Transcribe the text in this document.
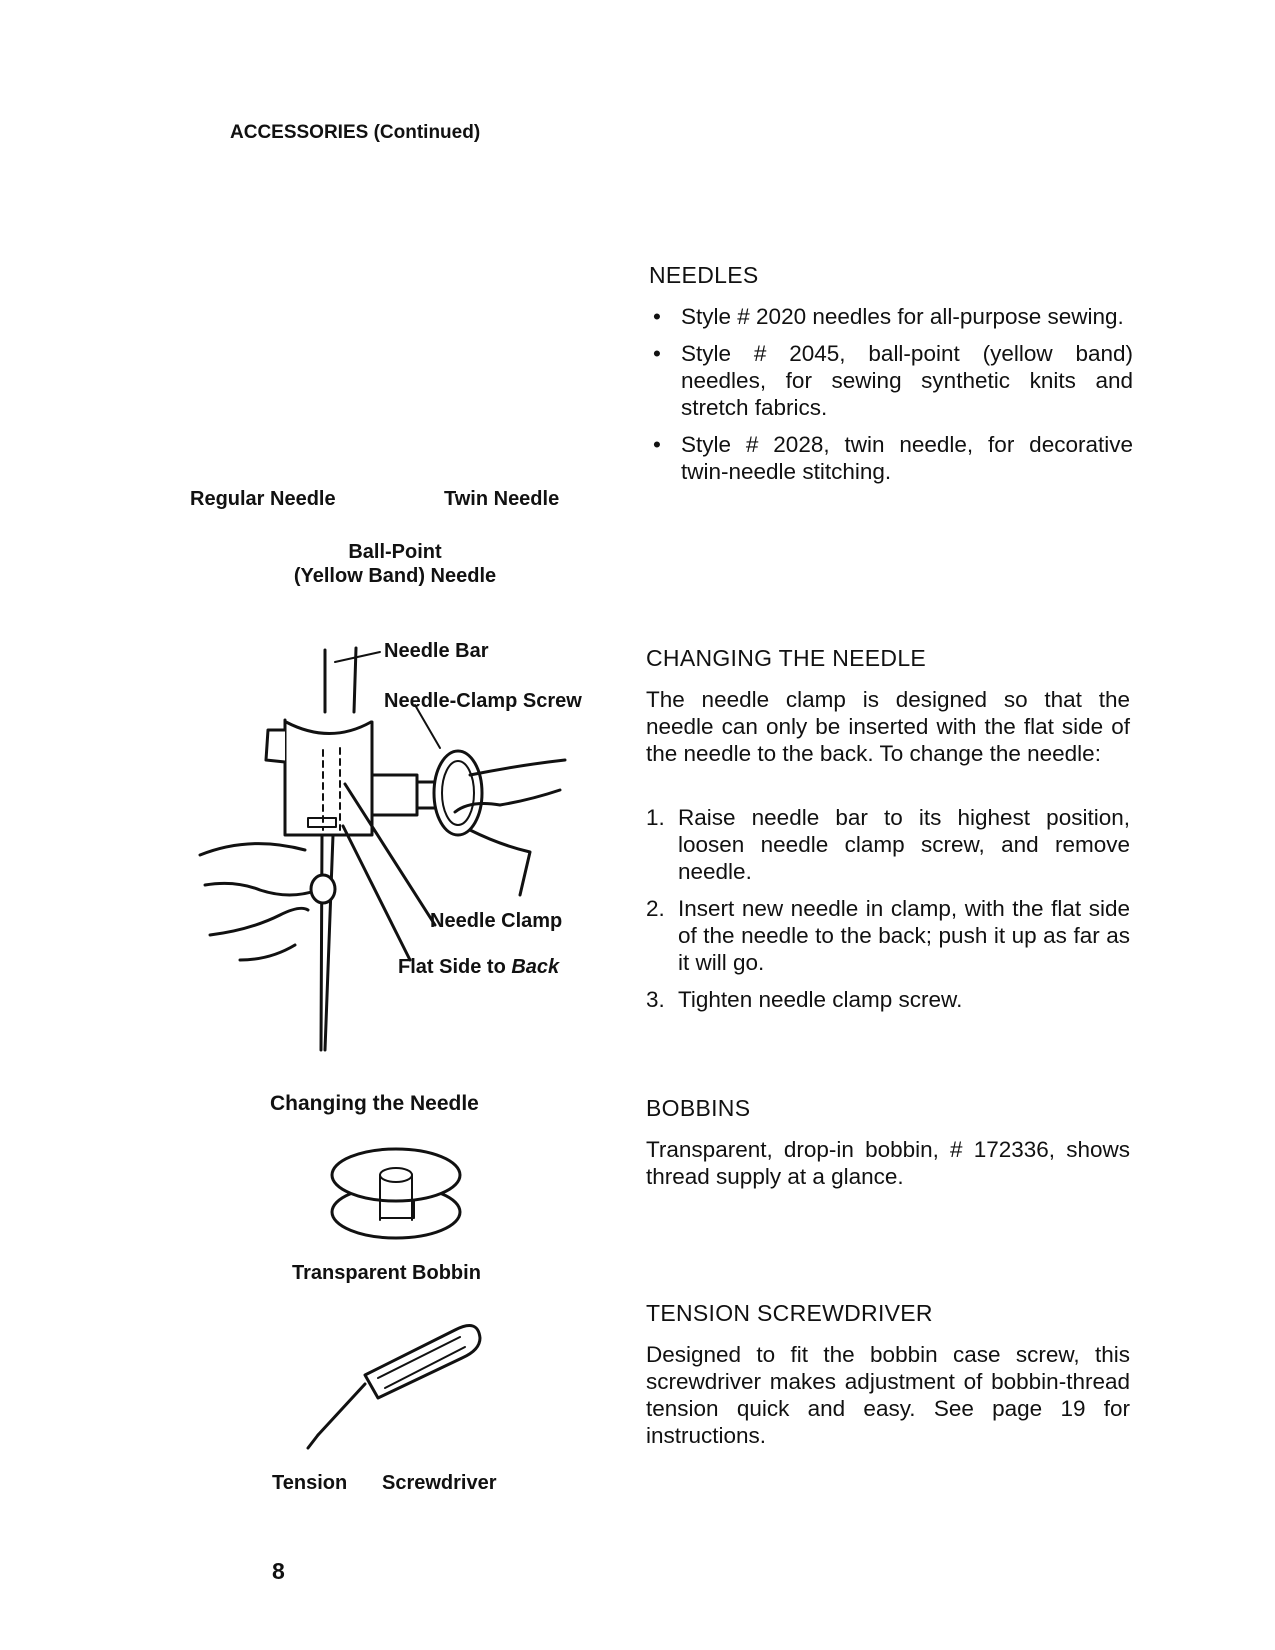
ACCESSORIES (Continued)
Regular Needle	Twin Needle
Ball-Point
(Yellow Band) Needle
Needle Bar
Needle-Clamp Screw
Needle Clamp
Flat Side to Back
Changing the Needle
Transparent Bobbin
Tension Screwdriver
NEEDLES
• Style # 2020 needles for all-purpose sewing.
• Style # 2045, ball-point (yellow band) needles, for sewing synthetic knits and stretch fabrics.
• Style # 2028, twin needle, for decorative twin-needle stitching.
CHANGING THE NEEDLE
The needle clamp is designed so that the needle can only be inserted with the flat side of the needle to the back. To change the needle:
1. Raise needle bar to its highest position, loosen needle clamp screw, and remove needle.
2. Insert new needle in clamp, with the flat side of the needle to the back; push it up as far as it will go.
3. Tighten needle clamp screw.
BOBBINS
Transparent, drop-in bobbin, # 172336, shows thread supply at a glance.
TENSION SCREWDRIVER
Designed to fit the bobbin case screw, this screwdriver makes adjustment of bobbin-thread tension quick and easy. See page 19 for instructions.
8
